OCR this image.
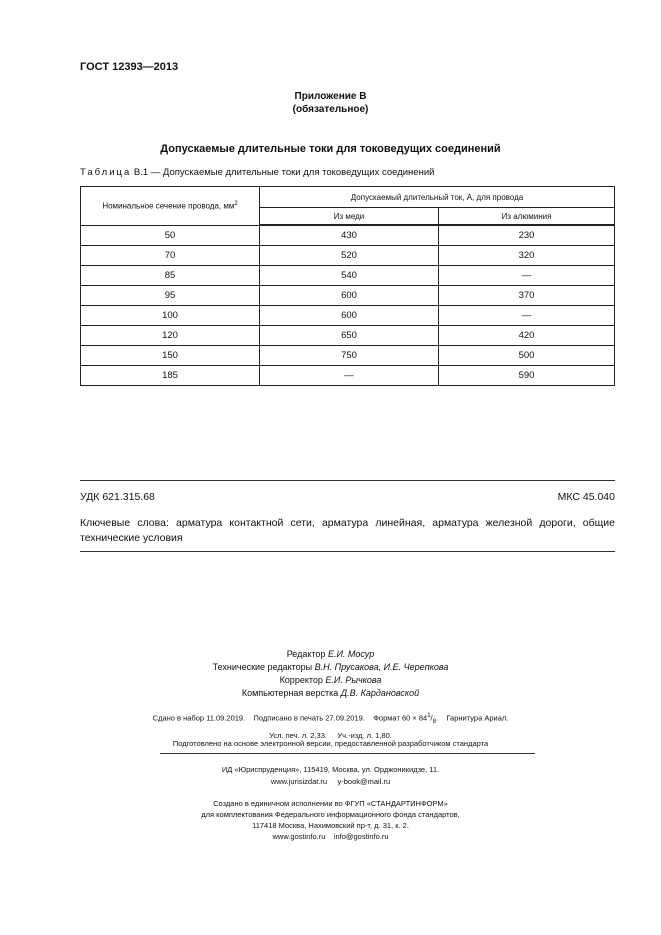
ГОСТ 12393—2013
Приложение В
(обязательное)
Допускаемые длительные токи для токоведущих соединений
Таблица В.1 — Допускаемые длительные токи для токоведущих соединений
Номинальное сечение провода, $мм^2$	Допускаемый длительный ток, А, для провода	
	Из меди	Из алюминия
50	430	230
70	520	320
85	540	—
95	600	370
100	600	—
120	650	420
150	750	500
185	—	590
УДК 621.315.68	МКС 45.040
Ключевые слова: арматура контактной сети, арматура линейная, арматура железной дороги, общие технические условия
Редактор Е.И. Мосур
Технические редакторы В.Н. Прусакова, И.Е. Черепкова
Корректор Е.И. Рычкова
Компьютерная верстка Д.В. Кардановской
Сдано в набор 11.09.2019. Подписано в печать 27.09.2019. Формат $60 \times 84^1/_8$.    Гарнитура Ариал.
Усл. печ. л. 2,33. Уч.-изд. л. 1,80.
Подготовлено на основе электронной версии, предоставленной разработчиком стандарта
ИД «Юриспруденция», 115419, Москва, ул. Орджоникидзе, 11.
www.jurisizdat.ru y-book@mail.ru
Создано в единичном исполнении во ФГУП «СТАНДАРТИНФОРМ»
для комплектования Федерального информационного фонда стандартов,
117418 Москва, Нахимовский пр-т, д. 31, к. 2.
www.gostinfo.ru info@gostinfo.ru
